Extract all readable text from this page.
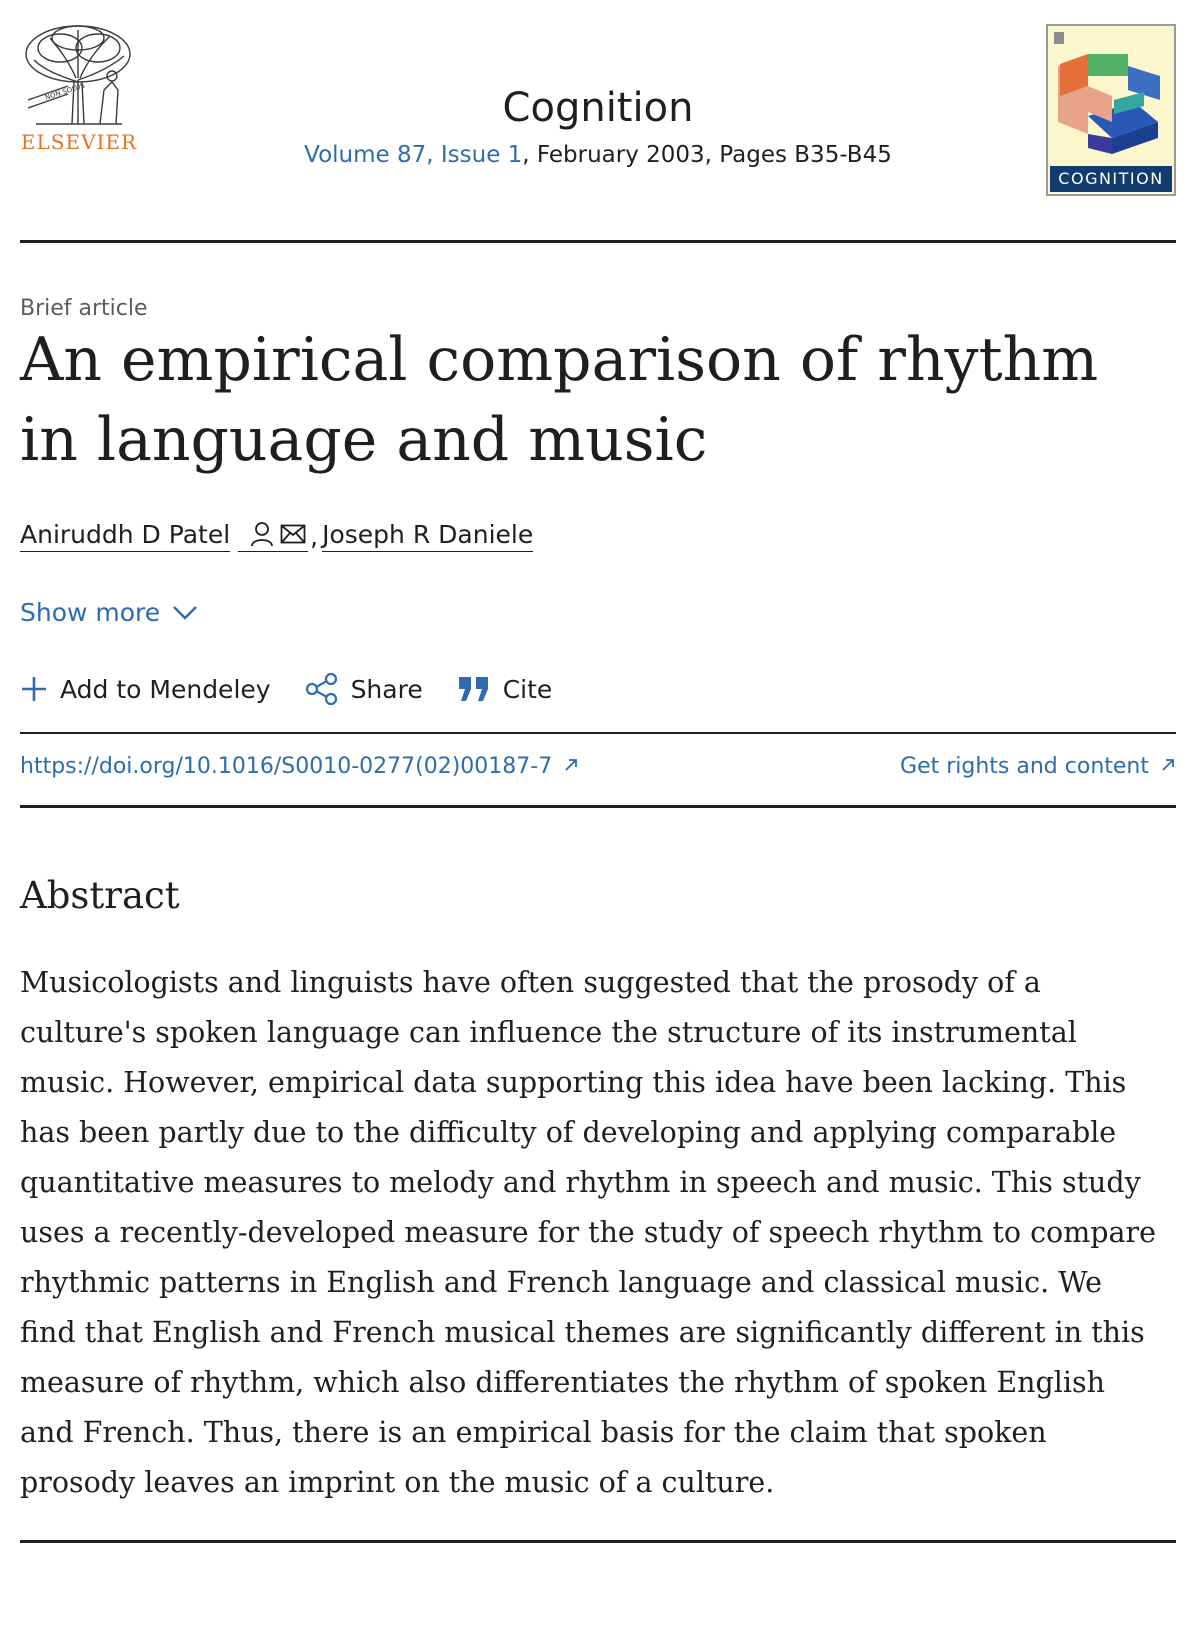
NON SOLUS
ELSEVIER
Cognition
Volume 87, Issue 1, February 2003, Pages B35-B45
COGNITION
Brief article
An empirical comparison of rhythm in language and music
Aniruddh D Patel	, Joseph R Daniele
Show more
Add to Mendeley	Share	Cite
https://doi.org/10.1016/S0010-0277(02)00187-7	Get rights and content
Abstract

Musicologists and linguists have often suggested that the prosody of a culture's spoken language can influence the structure of its instrumental music. However, empirical data supporting this idea have been lacking. This has been partly due to the difficulty of developing and applying comparable quantitative measures to melody and rhythm in speech and music. This study uses a recently-developed measure for the study of speech rhythm to compare rhythmic patterns in English and French language and classical music. We find that English and French musical themes are significantly different in this measure of rhythm, which also differentiates the rhythm of spoken English and French. Thus, there is an empirical basis for the claim that spoken prosody leaves an imprint on the music of a culture.
